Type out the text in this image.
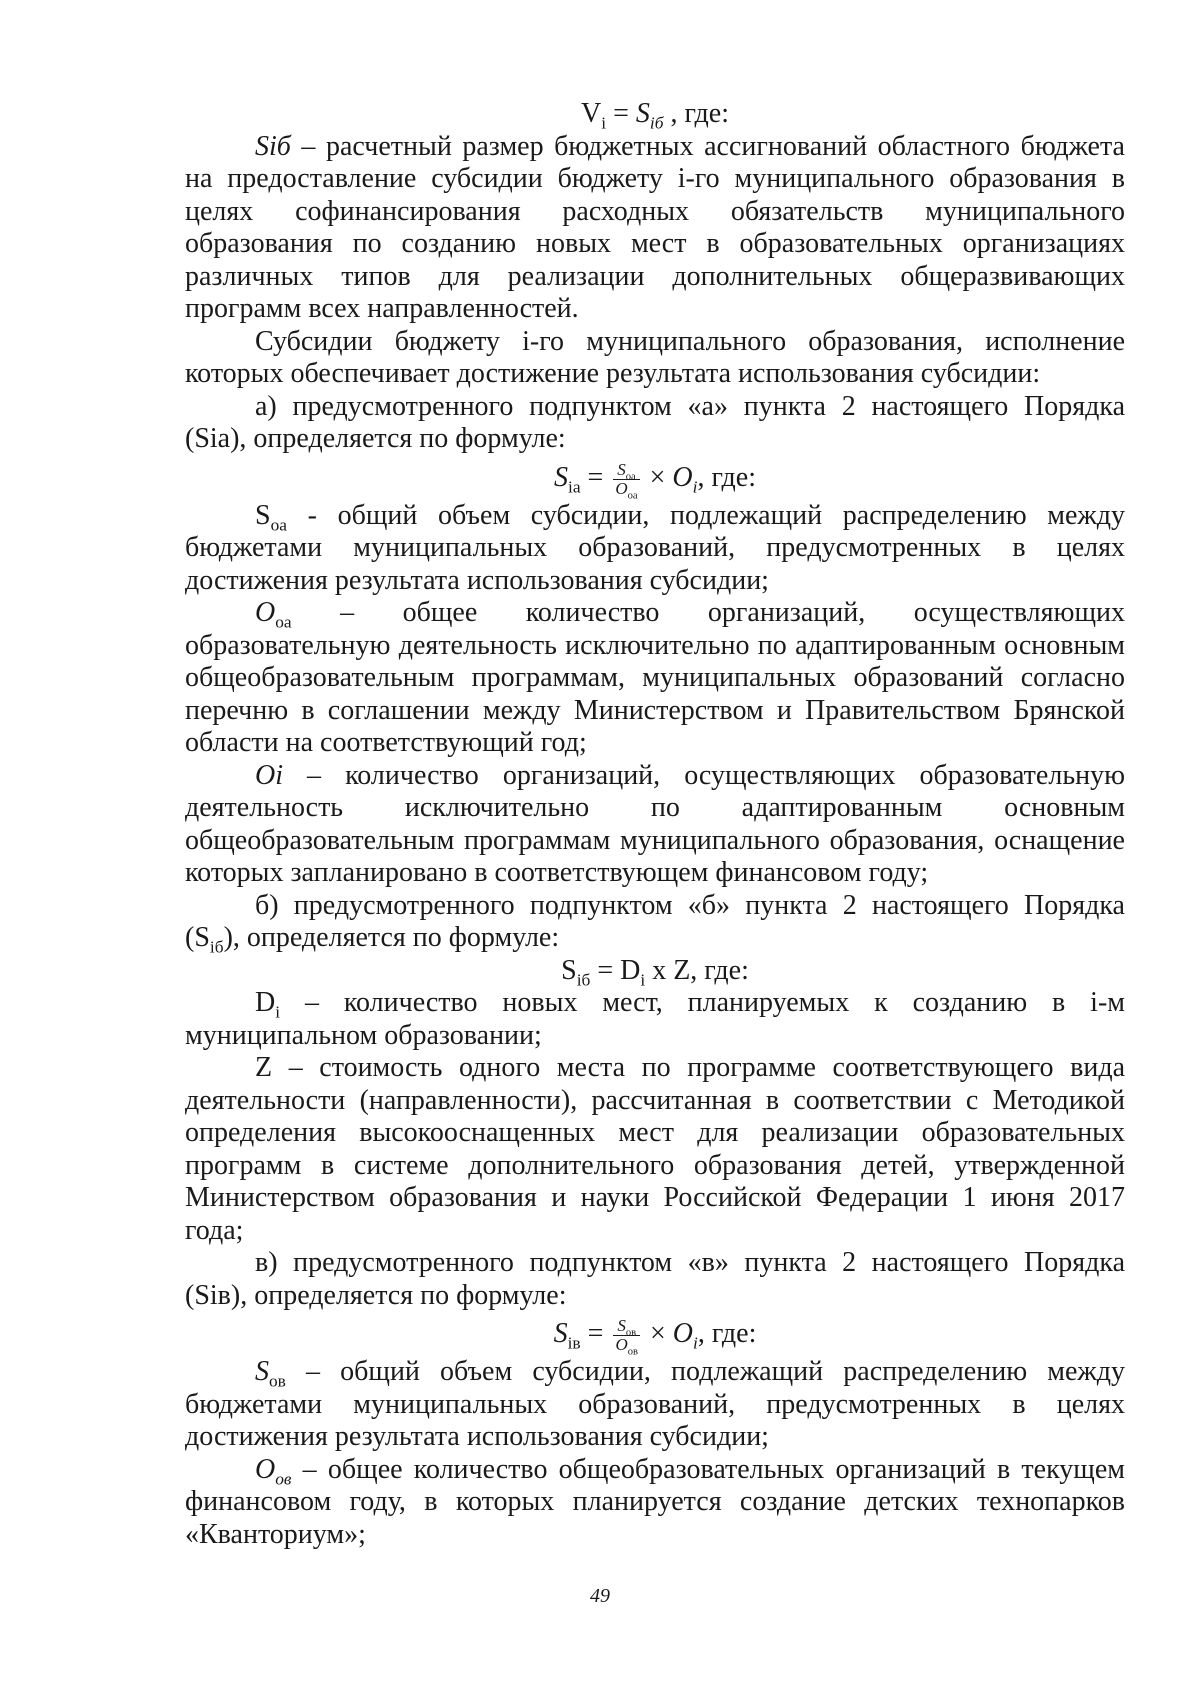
$V_i = S_{iб}$ , где:

Siб – расчетный размер бюджетных ассигнований областного бюджета на предоставление субсидии бюджету i-го муниципального образования в целях софинансирования расходных обязательств муниципального образования по созданию новых мест в образовательных организациях различных типов для реализации дополнительных общеразвивающих программ всех направленностей.

Субсидии бюджету i-го муниципального образования, исполнение которых обеспечивает достижение результата использования субсидии:

а) предусмотренного подпунктом «а» пункта 2 настоящего Порядка (Sia), определяется по формуле:

$S_{ia} = \frac{S_{oa}}{O_{oa}} \times O_i$, где:

$S_{oa}$ - общий объем субсидии, подлежащий распределению между бюджетами муниципальных образований, предусмотренных в целях достижения результата использования субсидии;

$O_{oa}$ – общее количество организаций, осуществляющих образовательную деятельность исключительно по адаптированным основным общеобразовательным программам, муниципальных образований согласно перечню в соглашении между Министерством и Правительством Брянской области на соответствующий год;

Oi – количество организаций, осуществляющих образовательную деятельность исключительно по адаптированным основным общеобразовательным программам муниципального образования, оснащение которых запланировано в соответствующем финансовом году;

б) предусмотренного подпунктом «б» пункта 2 настоящего Порядка $(S_{iб})$, определяется по формуле:

$S_{iб} = D_i$ x Z, где:

$D_i$ – количество новых мест, планируемых к созданию в i-м муниципальном образовании;

Z – стоимость одного места по программе соответствующего вида деятельности (направленности), рассчитанная в соответствии с Методикой определения высокооснащенных мест для реализации образовательных программ в системе дополнительного образования детей, утвержденной Министерством образования и науки Российской Федерации 1 июня 2017 года;

в) предусмотренного подпунктом «в» пункта 2 настоящего Порядка (Siв), определяется по формуле:

$S_{iв} = \frac{S_{oв}}{O_{oв}} \times O_i$, где:

$S_{oв}$ – общий объем субсидии, подлежащий распределению между бюджетами муниципальных образований, предусмотренных в целях достижения результата использования субсидии;

$O_{oв}$ – общее количество общеобразовательных организаций в текущем финансовом году, в которых планируется создание детских технопарков «Кванториум»;

49
